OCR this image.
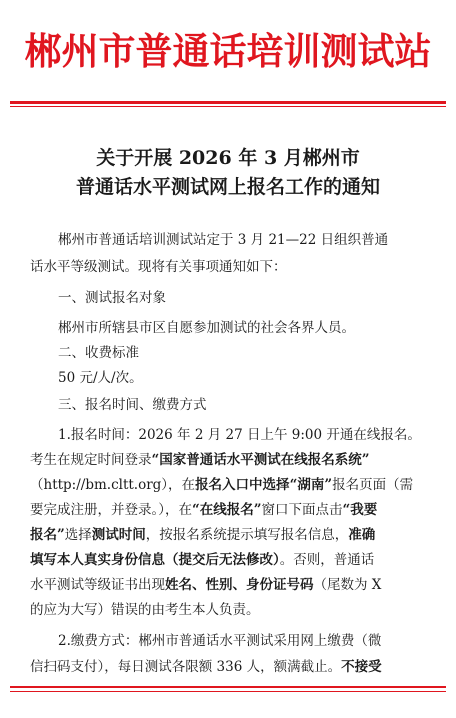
郴州市普通话培训测试站
关于开展 2026 年 3 月郴州市
普通话水平测试网上报名工作的通知
郴州市普通话培训测试站定于 3 月 21—22 日组织普通
话水平等级测试。现将有关事项通知如下：
一、测试报名对象
郴州市所辖县市区自愿参加测试的社会各界人员。
二、收费标准
50 元/人/次。
三、报名时间、缴费方式
1.报名时间：2026 年 2 月 27 日上午 9:00 开通在线报名。
考生在规定时间登录“国家普通话水平测试在线报名系统”
（http://bm.cltt.org），在报名入口中选择“湖南”报名页面（需
要完成注册，并登录。），在“在线报名”窗口下面点击“我要
报名”选择测试时间，按报名系统提示填写报名信息，准确
填写本人真实身份信息（提交后无法修改）。否则，普通话
水平测试等级证书出现姓名、性别、身份证号码（尾数为 X
的应为大写）错误的由考生本人负责。
2.缴费方式：郴州市普通话水平测试采用网上缴费（微
信扫码支付），每日测试各限额 336 人，额满截止。不接受
